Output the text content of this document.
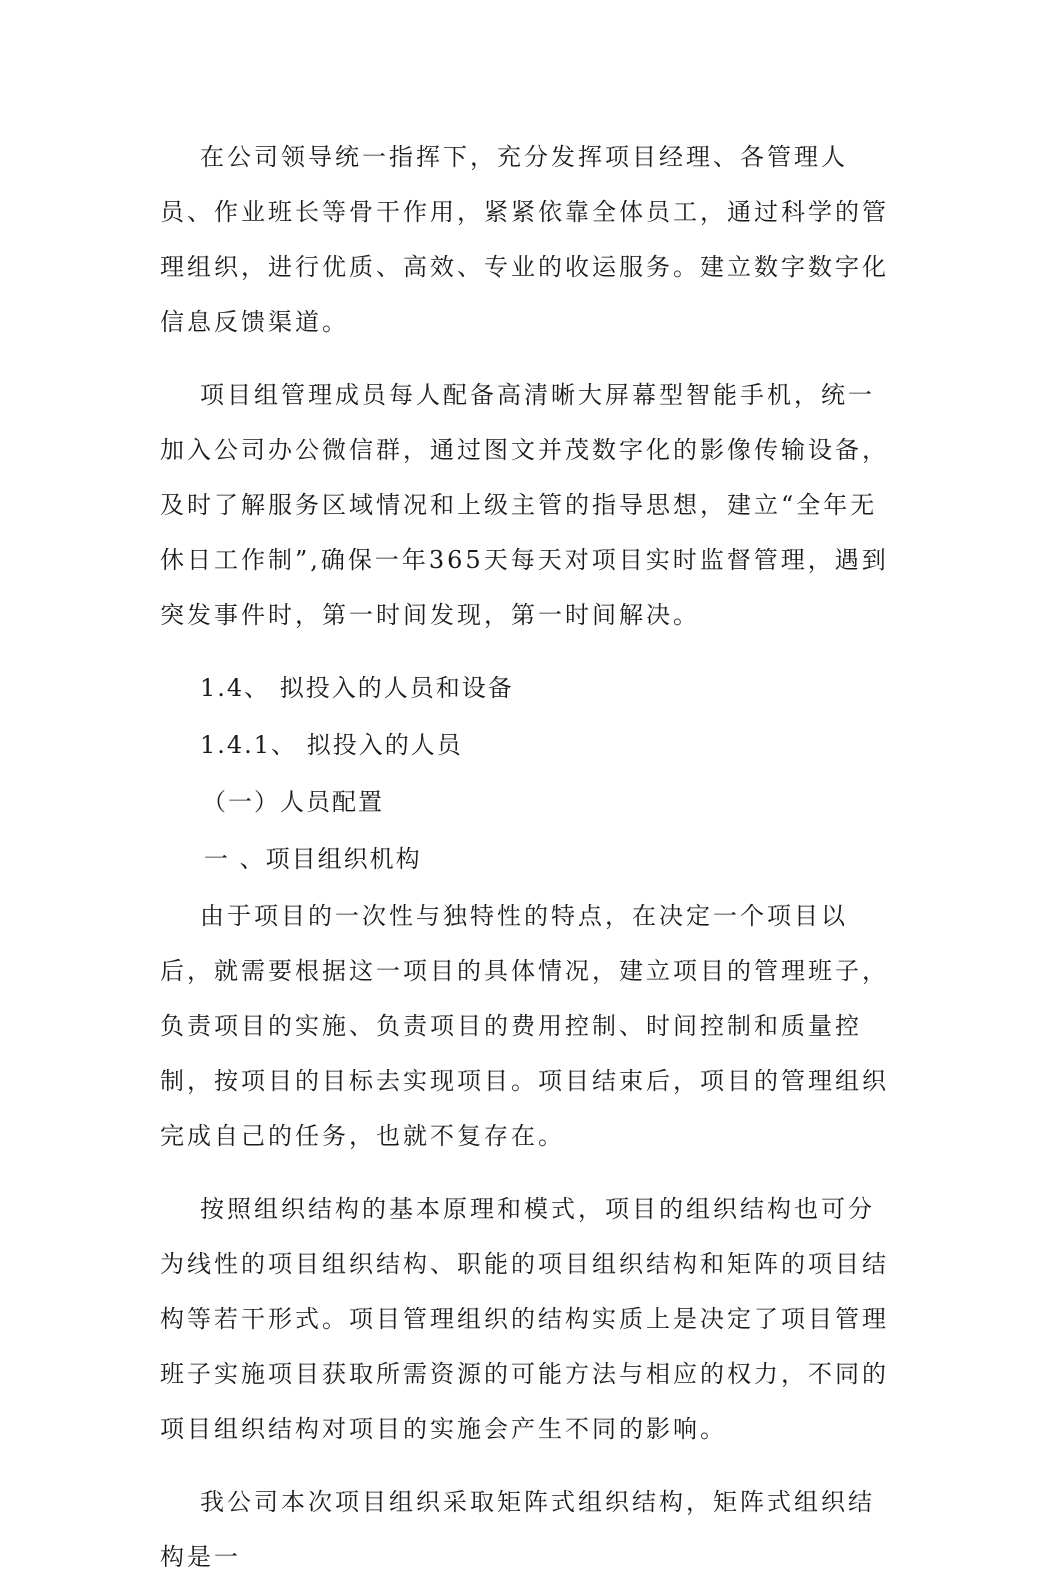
在公司领导统一指挥下，充分发挥项目经理、各管理人员、作业班长等骨干作用，紧紧依靠全体员工，通过科学的管理组织，进行优质、高效、专业的收运服务。建立数字数字化信息反馈渠道。

项目组管理成员每人配备高清晰大屏幕型智能手机，统一加入公司办公微信群，通过图文并茂数字化的影像传输设备，及时了解服务区域情况和上级主管的指导思想，建立“全年无休日工作制”,确保一年365天每天对项目实时监督管理，遇到突发事件时，第一时间发现，第一时间解决。

1.4、 拟投入的人员和设备
1.4.1、 拟投入的人员
（一）人员配置
一 、项目组织机构

由于项目的一次性与独特性的特点，在决定一个项目以后，就需要根据这一项目的具体情况，建立项目的管理班子，负责项目的实施、负责项目的费用控制、时间控制和质量控制，按项目的目标去实现项目。项目结束后，项目的管理组织完成自己的任务，也就不复存在。

按照组织结构的基本原理和模式，项目的组织结构也可分为线性的项目组织结构、职能的项目组织结构和矩阵的项目结构等若干形式。项目管理组织的结构实质上是决定了项目管理班子实施项目获取所需资源的可能方法与相应的权力，不同的项目组织结构对项目的实施会产生不同的影响。

我公司本次项目组织采取矩阵式组织结构，矩阵式组织结构是一
